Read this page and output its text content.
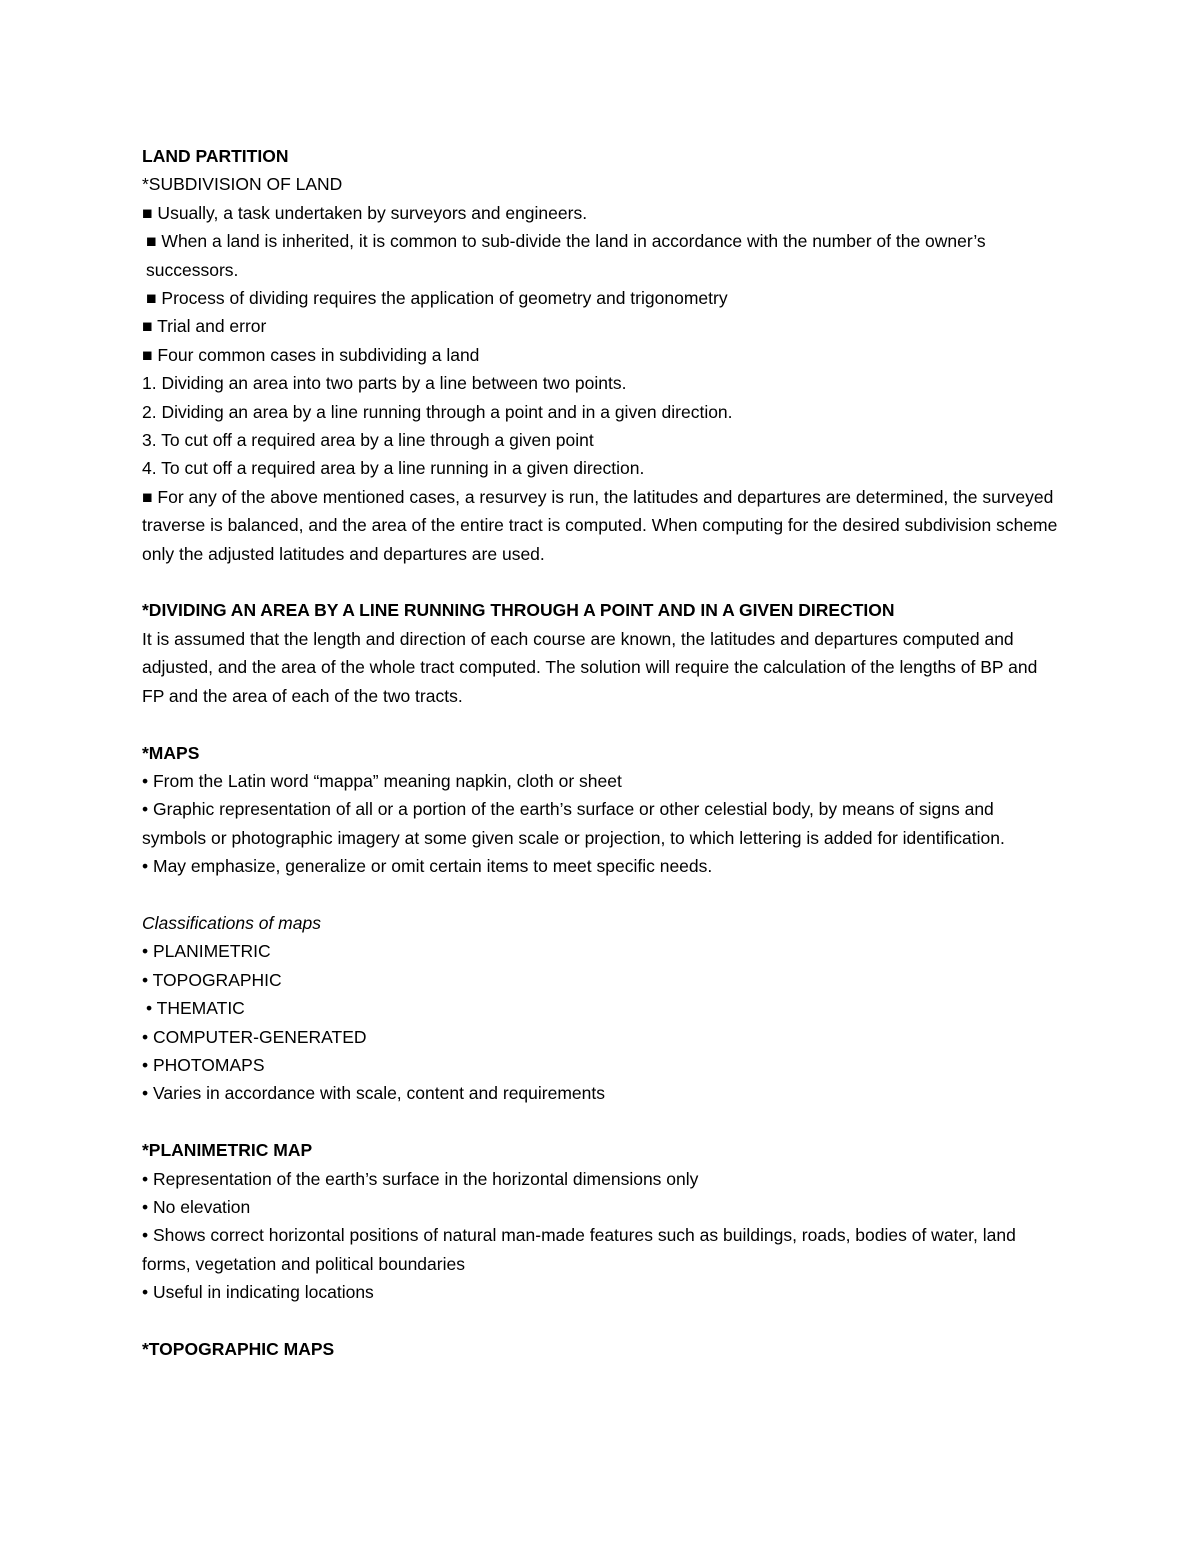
LAND PARTITION

*SUBDIVISION OF LAND

■ Usually, a task undertaken by surveyors and engineers.

■ When a land is inherited, it is common to sub-divide the land in accordance with the number of the owner’s successors.

■ Process of dividing requires the application of geometry and trigonometry

■ Trial and error

■ Four common cases in subdividing a land

1. Dividing an area into two parts by a line between two points.

2. Dividing an area by a line running through a point and in a given direction.

3. To cut off a required area by a line through a given point

4. To cut off a required area by a line running in a given direction.

■ For any of the above mentioned cases, a resurvey is run, the latitudes and departures are determined, the surveyed traverse is balanced, and the area of the entire tract is computed. When computing for the desired subdivision scheme only the adjusted latitudes and departures are used.

*DIVIDING AN AREA BY A LINE RUNNING THROUGH A POINT AND IN A GIVEN DIRECTION

It is assumed that the length and direction of each course are known, the latitudes and departures computed and adjusted, and the area of the whole tract computed. The solution will require the calculation of the lengths of BP and FP and the area of each of the two tracts.

*MAPS

• From the Latin word “mappa” meaning napkin, cloth or sheet

• Graphic representation of all or a portion of the earth’s surface or other celestial body, by means of signs and symbols or photographic imagery at some given scale or projection, to which lettering is added for identification.

• May emphasize, generalize or omit certain items to meet specific needs.

Classifications of maps

• PLANIMETRIC

• TOPOGRAPHIC

• THEMATIC

• COMPUTER-GENERATED

• PHOTOMAPS

• Varies in accordance with scale, content and requirements

*PLANIMETRIC MAP

• Representation of the earth’s surface in the horizontal dimensions only

• No elevation

• Shows correct horizontal positions of natural man-made features such as buildings, roads, bodies of water, land forms, vegetation and political boundaries

• Useful in indicating locations

*TOPOGRAPHIC MAPS
